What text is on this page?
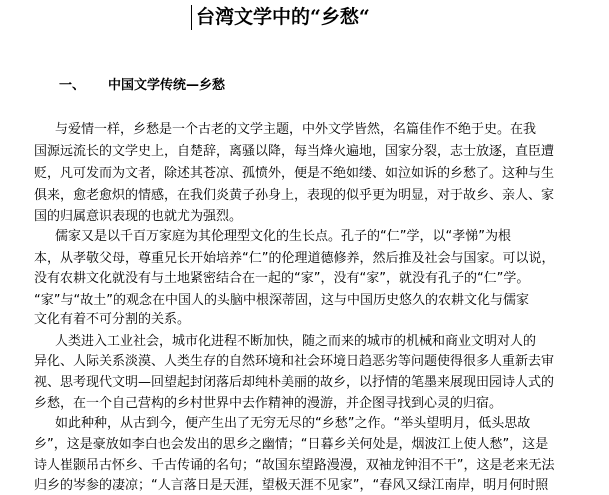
台湾文学中的“乡愁“
一、 中国文学传统—乡愁

与爱情一样，乡愁是一个古老的文学主题，中外文学皆然，名篇佳作不绝于史。在我

国源远流长的文学史上，自楚辞，离骚以降，每当烽火遍地，国家分裂，志士放逐，直臣遭

贬，凡可发而为文者，除述其苍凉、孤愤外，便是不绝如缕、如泣如诉的乡愁了。这种与生

俱来，愈老愈炽的情感，在我们炎黄子孙身上，表现的似乎更为明显，对于故乡、亲人、家

国的归属意识表现的也就尤为强烈。

儒家又是以千百万家庭为其伦理型文化的生长点。孔子的“仁”学，以“孝悌”为根

本，从孝敬父母，尊重兄长开始培养“仁”的伦理道德修养，然后推及社会与国家。可以说，

没有农耕文化就没有与土地紧密结合在一起的“家”，没有“家”，就没有孔子的“仁”学。

“家”与“故土”的观念在中国人的头脑中根深蒂固，这与中国历史悠久的农耕文化与儒家

文化有着不可分割的关系。

人类进入工业社会，城市化进程不断加快，随之而来的城市的机械和商业文明对人的

异化、人际关系淡漠、人类生存的自然环境和社会环境日趋恶劣等问题使得很多人重新去审

视、思考现代文明—回望起封闭落后却纯朴美丽的故乡，以抒情的笔墨来展现田园诗人式的

乡愁，在一个自己营构的乡村世界中去作精神的漫游，并企图寻找到心灵的归宿。

如此种种，从古到今，便产生出了无穷无尽的“乡愁”之作。“举头望明月，低头思故

乡”，这是豪放如李白也会发出的思乡之幽情；“日暮乡关何处是，烟波江上使人愁”，这是

诗人崔颢吊古怀乡、千古传诵的名句；“故国东望路漫漫，双袖龙钟泪不干”，这是老来无法

归乡的岑参的凄凉；“人言落日是天涯，望极天涯不见家”，“春风又绿江南岸，明月何时照
